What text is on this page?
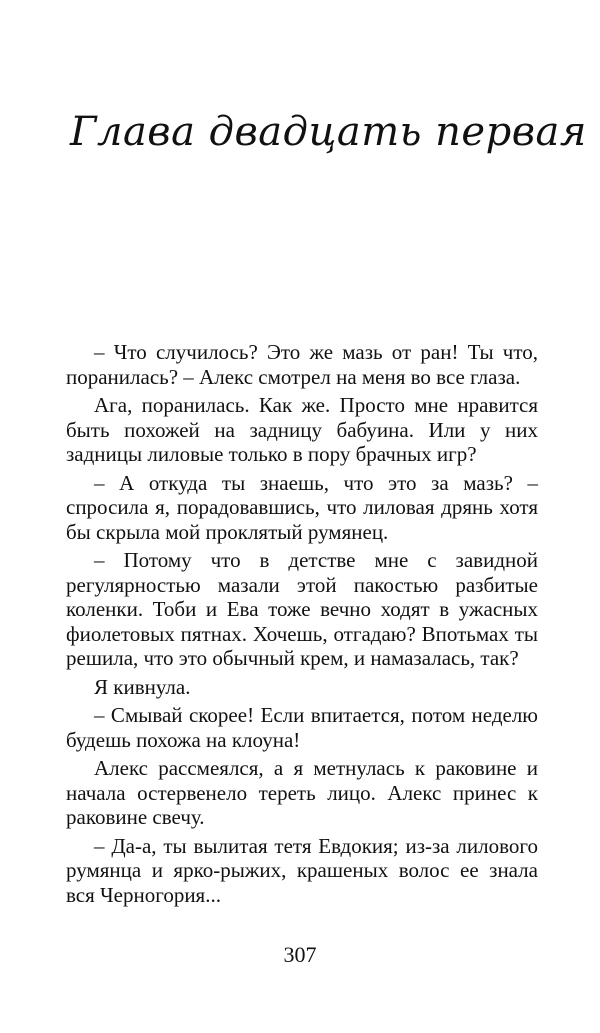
Глава двадцать первая

– Что случилось? Это же мазь от ран! Ты что, поранилась? – Алекс смотрел на меня во все глаза.

Ага, поранилась. Как же. Просто мне нравится быть похожей на задницу бабуина. Или у них задницы лиловые только в пору брачных игр?

– А откуда ты знаешь, что это за мазь? – спросила я, порадовавшись, что лиловая дрянь хотя бы скрыла мой проклятый румянец.

– Потому что в детстве мне с завидной регулярностью мазали этой пакостью разбитые коленки. Тоби и Ева тоже вечно ходят в ужасных фиолетовых пятнах. Хочешь, отгадаю? Впотьмах ты решила, что это обычный крем, и намазалась, так?

Я кивнула.

– Смывай скорее! Если впитается, потом неделю будешь похожа на клоуна!

Алекс рассмеялся, а я метнулась к раковине и начала остервенело тереть лицо. Алекс принес к раковине свечу.

– Да-а, ты вылитая тетя Евдокия; из-за лилового румянца и ярко-рыжих, крашеных волос ее знала вся Черногория...

307
